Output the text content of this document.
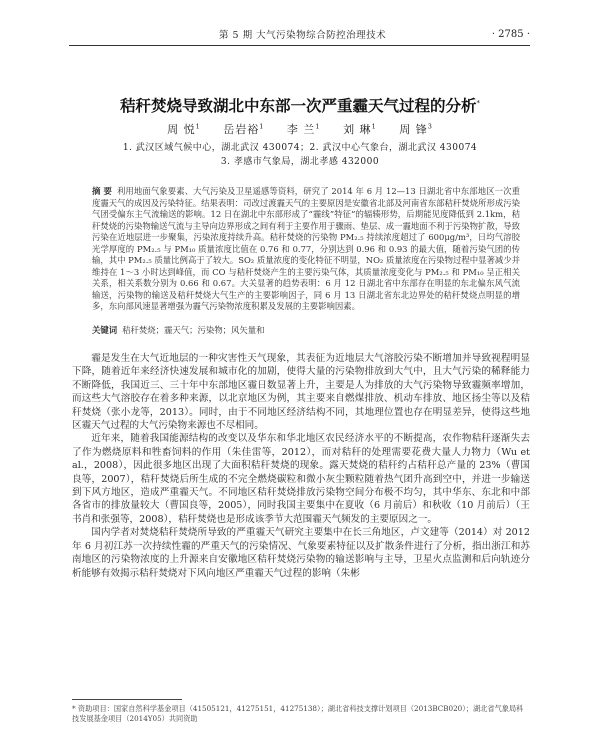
第 5 期 大气污染物综合防控治理技术	· 2785 ·
秸秆焚烧导致湖北中东部一次严重霾天气过程的分析*
周 悦$^1$ 岳岩裕$^1$ 李 兰$^1$ 刘 琳$^1$ 周 锋$^3$
1. 武汉区域气候中心，湖北武汉 430074；2. 武汉中心气象台，湖北武汉 430074
3. 孝感市气象局，湖北孝感 432000
摘 要 利用地面气象要素、大气污染及卫星遥感等资料，研究了 2014 年 6 月 12—13 日湖北省中东部地区一次重度霾天气的成因及污染特征。结果表明：司改过渡霾天气的主要原因是安徽省北部及河南省东部秸秆焚烧所形成污染气团受偏东主气流输送的影响。12 日在湖北中东部形成了“霾线”特征”的辐辏形势，后期能见度降低到 2.1km，秸秆焚烧的污染物输送气流与主导向边界形成之间有利于主要作用于骤雨、垫层、成一霾地面不利于污染物扩散，导致污染在近地层进一步聚集，污染浓度持续升高。秸秆焚烧的污染物 PM₂.₅ 持续浓度超过了 600μg/m³，日均气溶胶光学厚度的 PM₂.₅ 与 PM₁₀ 质量浓度比值在 0.76 和 0.77，分别达到 0.96 和 0.93 的最大值，随着污染气团的传输，其中 PM₂.₅ 质量比例高于了较大。SO₂ 质量浓度的变化特征不明显，NO₂ 质量浓度在污染物过程中显著减少并维持在 1～3 小时达到峰值，而 CO 与秸秆焚烧产生的主要污染气体，其质量浓度变化与 PM₂.₅ 和 PM₁₀ 呈正相关关系，相关系数分别为 0.66 和 0.67。大关显著的趋势表明：6 月 12 日湖北省中东部存在明显的东北偏东风气流输送，污染物的输送及秸秆焚烧大气生产的主要影响因子，同 6 月 13 日湖北省东北边界处的秸秆焚烧点明显的增多，东向部风速显著增强为霾气污染物浓度积累及发展的主要影响因素。
关键词 秸秆焚烧；霾天气；污染物；风矢量和

霾是发生在大气近地层的一种灾害性天气现象，其表征为近地层大气溶胶污染不断增加并导致视程明显下降，随着近年来经济快速发展和城市化的加剧，使得大量的污染物排放到大气中，且大气污染的稀释能力不断降低，我国近三、三十年中东部地区霾日数显著上升，主要是人为排放的大气污染物导致霾频率增加，而这些大气溶胶存在着多种来源，以北京地区为例，其主要来自燃煤排放、机动车排放、地区扬尘等以及秸秆焚烧（张小龙等，2013）。同时，由于不同地区经济结构不同，其地理位置也存在明显差异，使得这些地区霾天气过程的大气污染物来源也不尽相同。

近年来，随着我国能源结构的改变以及华东和华北地区农民经济水平的不断提高，农作物秸秆逐渐失去了作为燃烧原料和牲畜饲料的作用（朱佳雷等，2012），而对秸秆的处理需要花费大量人力物力（Wu et al.，2008），因此很多地区出现了大面积秸秆焚烧的现象。露天焚烧的秸秆约占秸秆总产量的 23%（曹国良等，2007），秸秆焚烧后所生成的不完全燃烧碳粒和微小灰尘颗粒随着热气团升高到空中，并进一步输送到下风方地区，造成严重霾天气。不同地区秸秆焚烧排放污染物空间分布极不均匀，其中华东、东北和中部各省市的排放量较大（曹国良等，2005），同时我国主要集中在夏收（6 月前后）和秋收（10 月前后）（王书肖和张强等，2008），秸秆焚烧也是形成该季节大范围霾天气频发的主要原因之一。

国内学者对焚烧秸秆焚烧所导致的严重霾天气研究主要集中在长三角地区，卢文建等（2014）对 2012 年 6 月初江苏一次持续性霾的严重天气的污染情况、气象要素特征以及扩散条件进行了分析，指出浙江和苏南地区的污染物浓度的上升源来自安徽地区秸秆焚烧污染物的输送影响与主导，卫星火点监测和后向轨迹分析能够有效揭示秸秆焚烧对下风向地区严重霾天气过程的影响（朱彬

* 资助项目：国家自然科学基金项目（41505121，41275151，41275138）；湖北省科技支撑计划项目（2013BCB020）；湖北省气象局科技发展基金项目（2014Y05）共同资助
